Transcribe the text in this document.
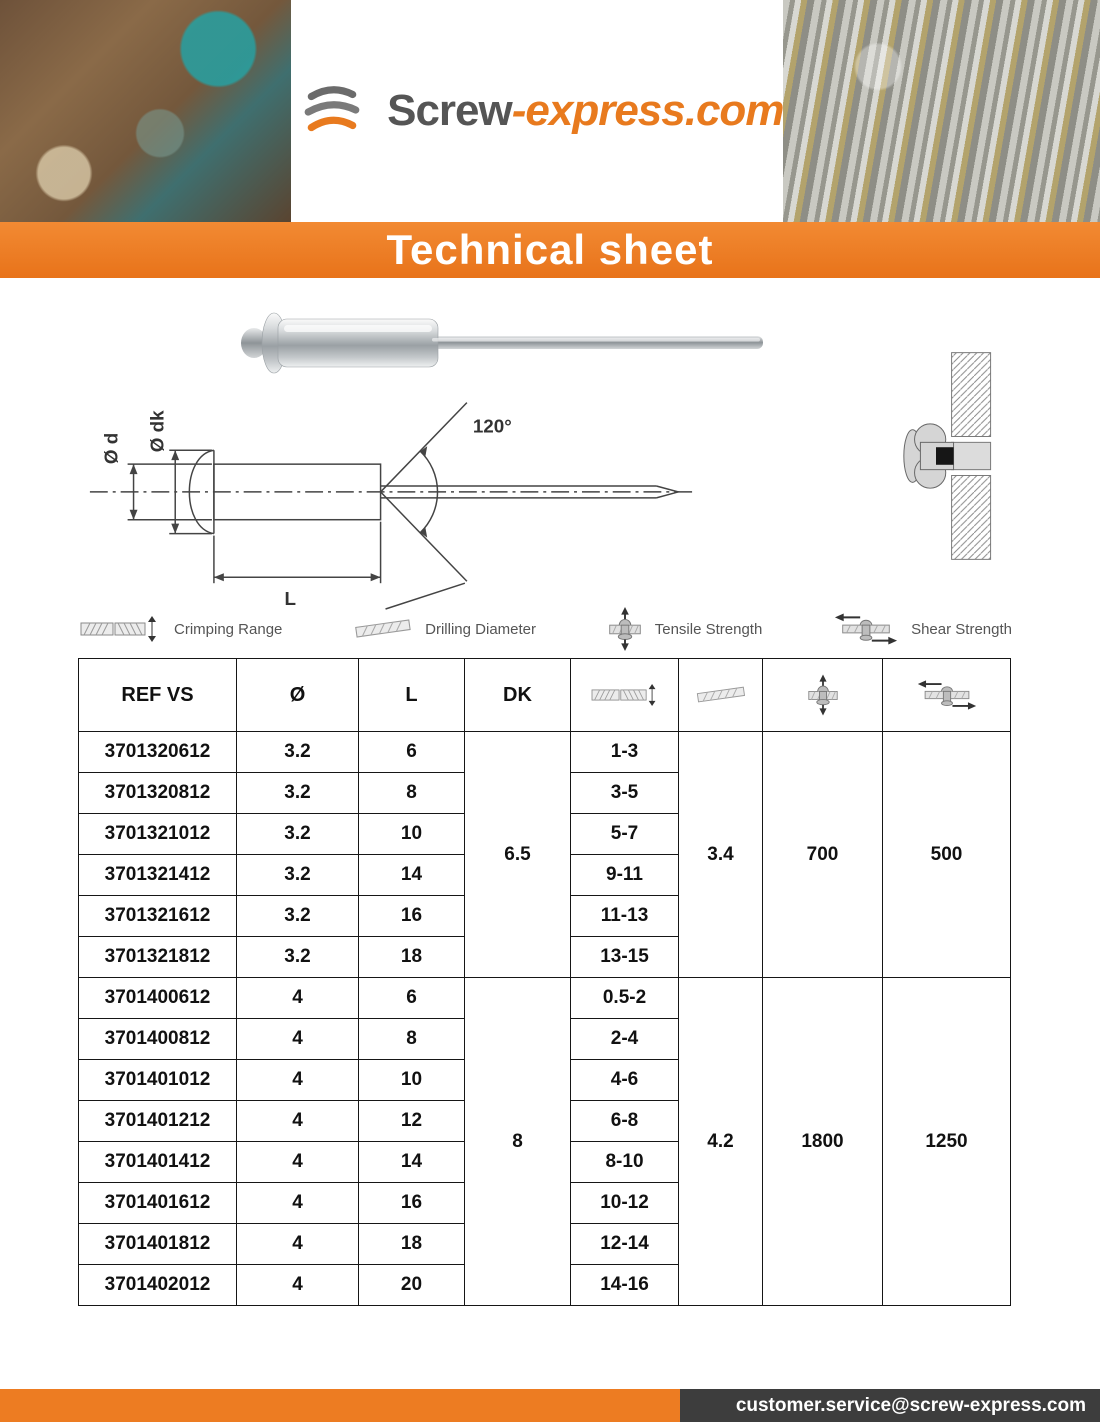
Screw-express.com
Technical sheet
Ø d Ø dk	120°
L
Crimping Range	Drilling Diameter	Tensile Strength	Shear Strength
REF VS	Ø	L	DK	

3701320612	3.2	6	6.5	1-3	3.4	700	500
3701320812	3.2	8		3-5			
3701321012	3.2	10		5-7			
3701321412	3.2	14		9-11			
3701321612	3.2	16		11-13			
3701321812	3.2	18		13-15			
3701400612	4	6	8	0.5-2	4.2	1800	1250
3701400812	4	8		2-4			
3701401012	4	10		4-6			
3701401212	4	12		6-8			
3701401412	4	14		8-10			
3701401612	4	16		10-12			
3701401812	4	18		12-14			
3701402012	4	20		14-16			
customer.service@screw-express.com
